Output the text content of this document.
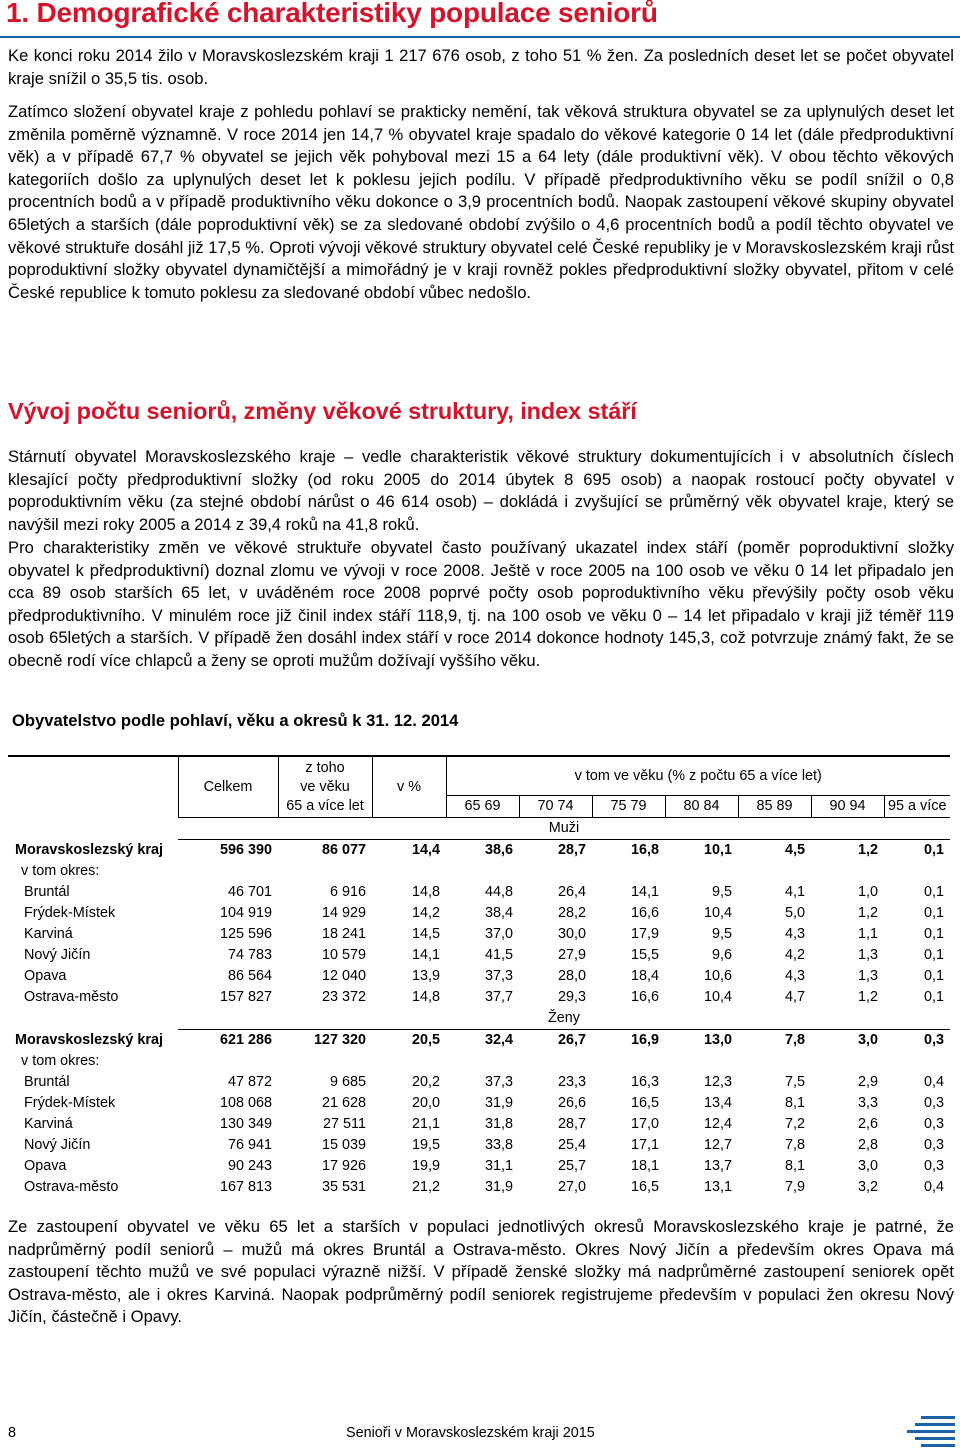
1. Demografické charakteristiky populace seniorů

Ke konci roku 2014 žilo v Moravskoslezském kraji 1 217 676 osob, z toho 51 % žen. Za posledních deset let se počet obyvatel kraje snížil o 35,5 tis. osob.

Zatímco složení obyvatel kraje z pohledu pohlaví se prakticky nemění, tak věková struktura obyvatel se za uplynulých deset let změnila poměrně významně. V roce 2014 jen 14,7 % obyvatel kraje spadalo do věkové kategorie 0 14 let (dále předproduktivní věk) a v případě 67,7 % obyvatel se jejich věk pohyboval mezi 15 a 64 lety (dále produktivní věk). V obou těchto věkových kategoriích došlo za uplynulých deset let k poklesu jejich podílu. V případě předproduktivního věku se podíl snížil o 0,8 procentních bodů a v případě produktivního věku dokonce o 3,9 procentních bodů. Naopak zastoupení věkové skupiny obyvatel 65letých a starších (dále poproduktivní věk) se za sledované období zvýšilo o 4,6 procentních bodů a podíl těchto obyvatel ve věkové struktuře dosáhl již 17,5 %. Oproti vývoji věkové struktury obyvatel celé České republiky je v Moravskoslezském kraji růst poproduktivní složky obyvatel dynamičtější a mimořádný je v kraji rovněž pokles předproduktivní složky obyvatel, přitom v celé České republice k tomuto poklesu za sledované období vůbec nedošlo.

Vývoj počtu seniorů, změny věkové struktury, index stáří

Stárnutí obyvatel Moravskoslezského kraje – vedle charakteristik věkové struktury dokumentujících i v absolutních číslech klesající počty předproduktivní složky (od roku 2005 do 2014 úbytek 8 695 osob) a naopak rostoucí počty obyvatel v poproduktivním věku (za stejné období nárůst o 46 614 osob) – dokládá i zvyšující se průměrný věk obyvatel kraje, který se navýšil mezi roky 2005 a 2014 z 39,4 roků na 41,8 roků.

Pro charakteristiky změn ve věkové struktuře obyvatel často používaný ukazatel index stáří (poměr poproduktivní složky obyvatel k předproduktivní) doznal zlomu ve vývoji v roce 2008. Ještě v roce 2005 na 100 osob ve věku 0 14 let připadalo jen cca 89 osob starších 65 let, v uváděném roce 2008 poprvé počty osob poproduktivního věku převýšily počty osob věku předproduktivního. V minulém roce již činil index stáří 118,9, tj. na 100 osob ve věku 0 – 14 let připadalo v kraji již téměř 119 osob 65letých a starších. V případě žen dosáhl index stáří v roce 2014 dokonce hodnoty 145,3, což potvrzuje známý fakt, že se obecně rodí více chlapců a ženy se oproti mužům dožívají vyššího věku.

Obyvatelstvo podle pohlaví, věku a okresů k 31. 12. 2014

	Celkem	z toho
ve věku
65 a více let	v %	v tom ve věku (% z počtu 65 a více let)						
				65 69	70 74	75 79	80 84	85 89	90 94	95 a více
	Muži									
Moravskoslezský kraj	596 390	86 077	14,4	38,6	28,7	16,8	10,1	4,5	1,2	0,1
v tom okres:										
Bruntál	46 701	6 916	14,8	44,8	26,4	14,1	9,5	4,1	1,0	0,1
Frýdek-Místek	104 919	14 929	14,2	38,4	28,2	16,6	10,4	5,0	1,2	0,1
Karviná	125 596	18 241	14,5	37,0	30,0	17,9	9,5	4,3	1,1	0,1
Nový Jičín	74 783	10 579	14,1	41,5	27,9	15,5	9,6	4,2	1,3	0,1
Opava	86 564	12 040	13,9	37,3	28,0	18,4	10,6	4,3	1,3	0,1
Ostrava-město	157 827	23 372	14,8	37,7	29,3	16,6	10,4	4,7	1,2	0,1
	Ženy									
Moravskoslezský kraj	621 286	127 320	20,5	32,4	26,7	16,9	13,0	7,8	3,0	0,3
v tom okres:										
Bruntál	47 872	9 685	20,2	37,3	23,3	16,3	12,3	7,5	2,9	0,4
Frýdek-Místek	108 068	21 628	20,0	31,9	26,6	16,5	13,4	8,1	3,3	0,3
Karviná	130 349	27 511	21,1	31,8	28,7	17,0	12,4	7,2	2,6	0,3
Nový Jičín	76 941	15 039	19,5	33,8	25,4	17,1	12,7	7,8	2,8	0,3
Opava	90 243	17 926	19,9	31,1	25,7	18,1	13,7	8,1	3,0	0,3
Ostrava-město	167 813	35 531	21,2	31,9	27,0	16,5	13,1	7,9	3,2	0,4

Ze zastoupení obyvatel ve věku 65 let a starších v populaci jednotlivých okresů Moravskoslezského kraje je patrné, že nadprůměrný podíl seniorů – mužů má okres Bruntál a Ostrava-město. Okres Nový Jičín a především okres Opava má zastoupení těchto mužů ve své populaci výrazně nižší. V případě ženské složky má nadprůměrné zastoupení seniorek opět Ostrava-město, ale i okres Karviná. Naopak podprůměrný podíl seniorek registrujeme především v populaci žen okresu Nový Jičín, částečně i Opavy.

8	Senioři v Moravskoslezském kraji 2015
